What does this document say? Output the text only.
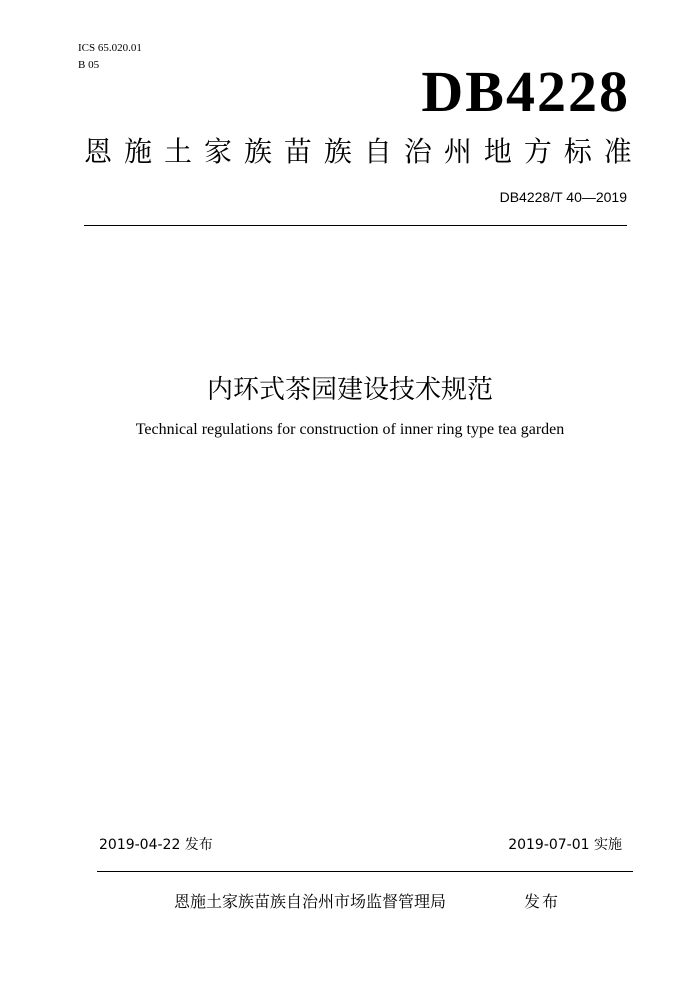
ICS 65.020.01
B 05	DB4228
恩 施 土 家 族 苗 族 自 治 州 地 方 标 准
DB4228/T 40—2019
内环式茶园建设技术规范
Technical regulations for construction of inner ring type tea garden
2019-04-22 发布	2019-07-01 实施
恩施土家族苗族自治州市场监督管理局	发布
